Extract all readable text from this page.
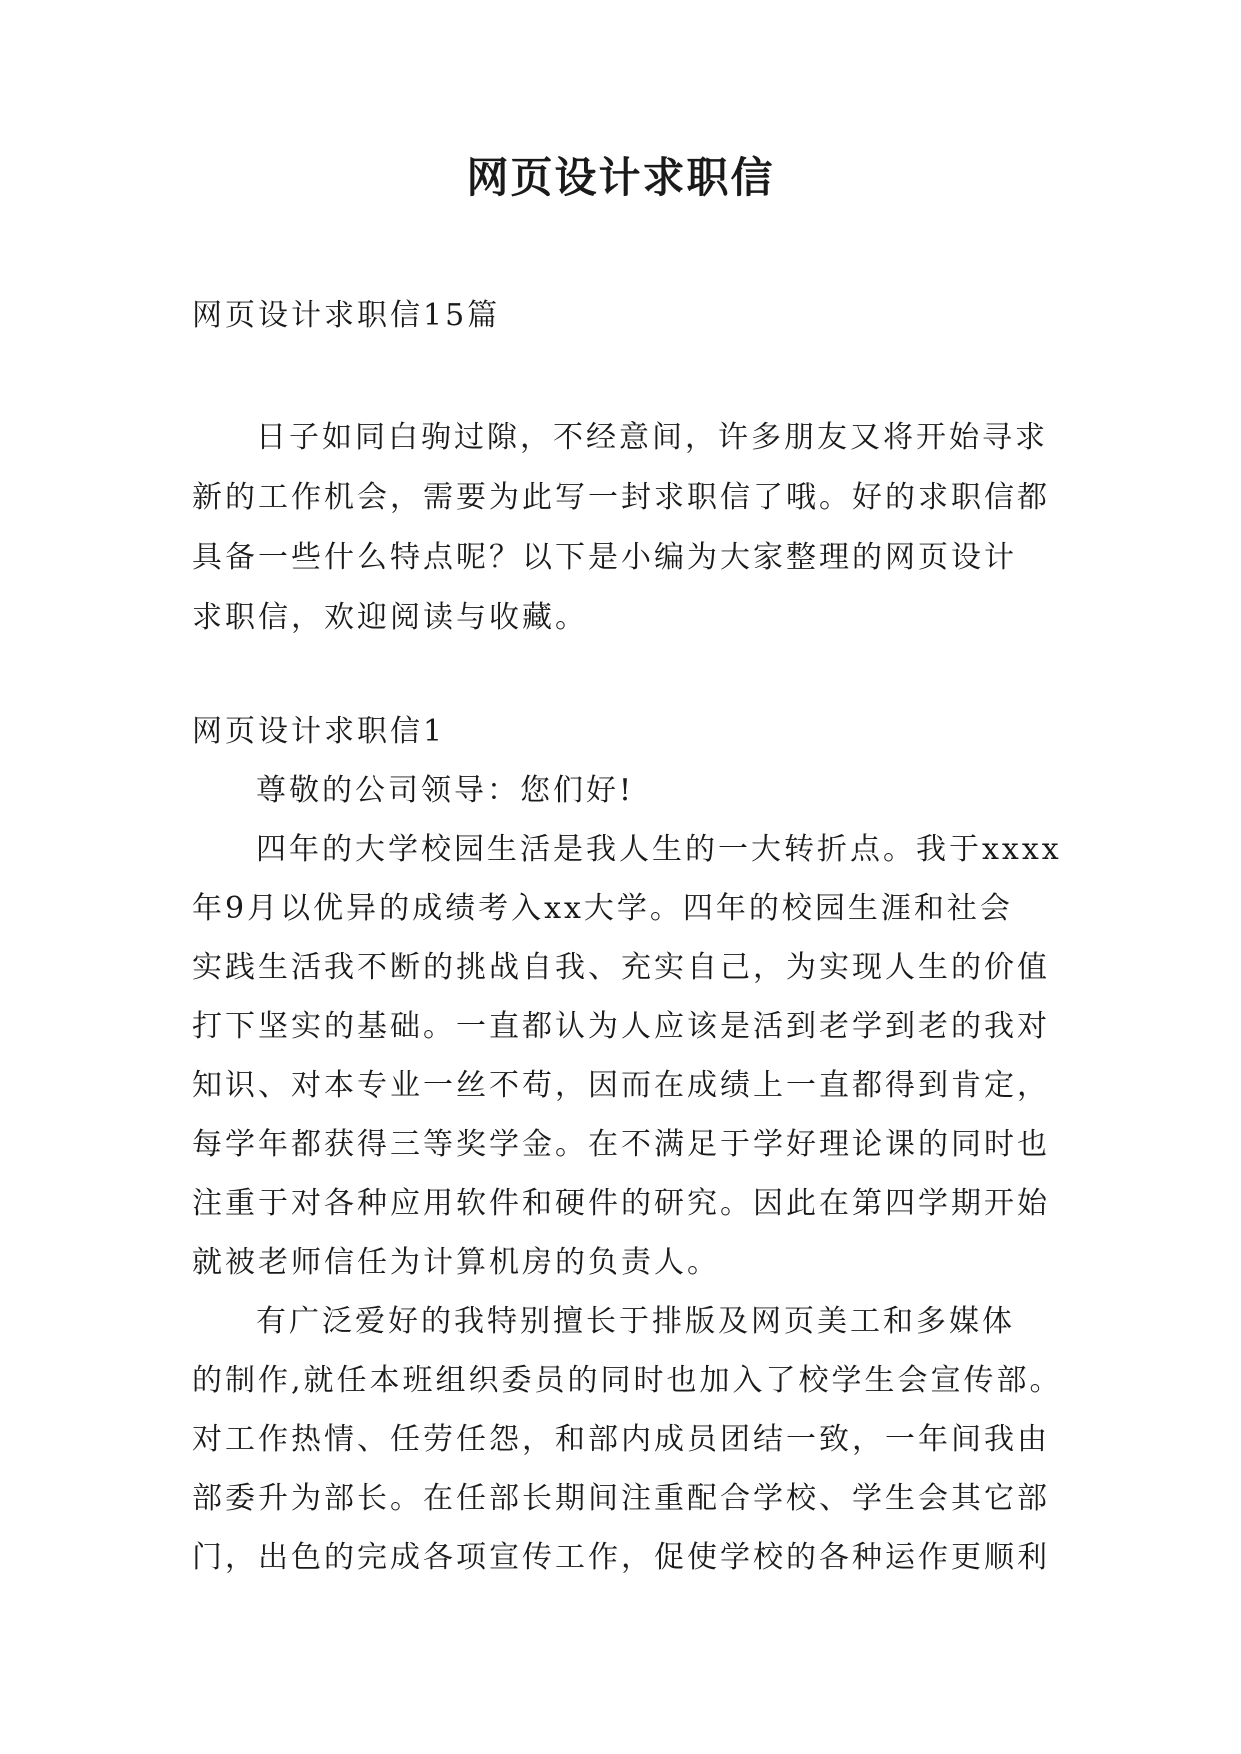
网页设计求职信
网页设计求职信15篇
日子如同白驹过隙，不经意间，许多朋友又将开始寻求
新的工作机会，需要为此写一封求职信了哦。好的求职信都
具备一些什么特点呢？以下是小编为大家整理的网页设计
求职信，欢迎阅读与收藏。
网页设计求职信1
尊敬的公司领导：您们好!
四年的大学校园生活是我人生的一大转折点。我于xxxx
年9月以优异的成绩考入xx大学。四年的校园生涯和社会
实践生活我不断的挑战自我、充实自己，为实现人生的价值
打下坚实的基础。一直都认为人应该是活到老学到老的我对
知识、对本专业一丝不苟，因而在成绩上一直都得到肯定，
每学年都获得三等奖学金。在不满足于学好理论课的同时也
注重于对各种应用软件和硬件的研究。因此在第四学期开始
就被老师信任为计算机房的负责人。
有广泛爱好的我特别擅长于排版及网页美工和多媒体
的制作,就任本班组织委员的同时也加入了校学生会宣传部。
对工作热情、任劳任怨，和部内成员团结一致，一年间我由
部委升为部长。在任部长期间注重配合学校、学生会其它部
门，出色的完成各项宣传工作，促使学校的各种运作更顺利
